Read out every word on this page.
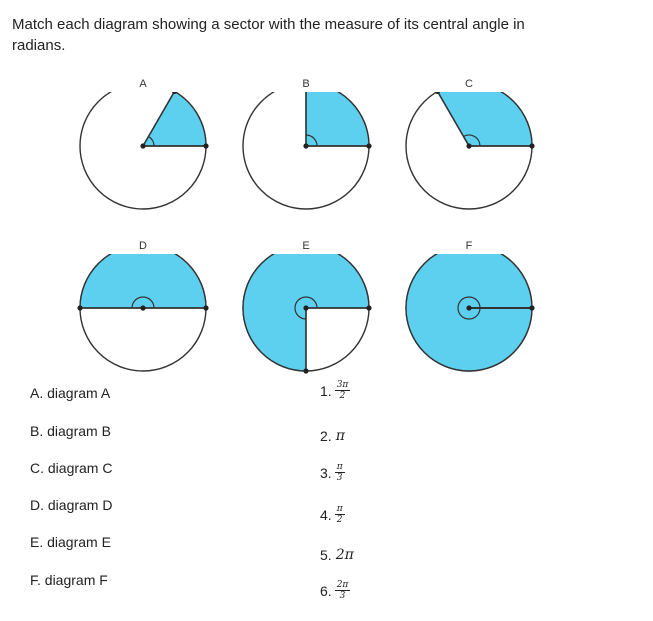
Match each diagram showing a sector with the measure of its central angle in radians.
A	B	C
D	E	F
A. diagram A
B. diagram B
C. diagram C
D. diagram D
E. diagram E
F. diagram F
1. $\frac{3\pi}{2}$
2. π
3. $\frac{\pi}{3}$
4. $\frac{\pi}{2}$
5. 2π
6. $\frac{2\pi}{3}$
